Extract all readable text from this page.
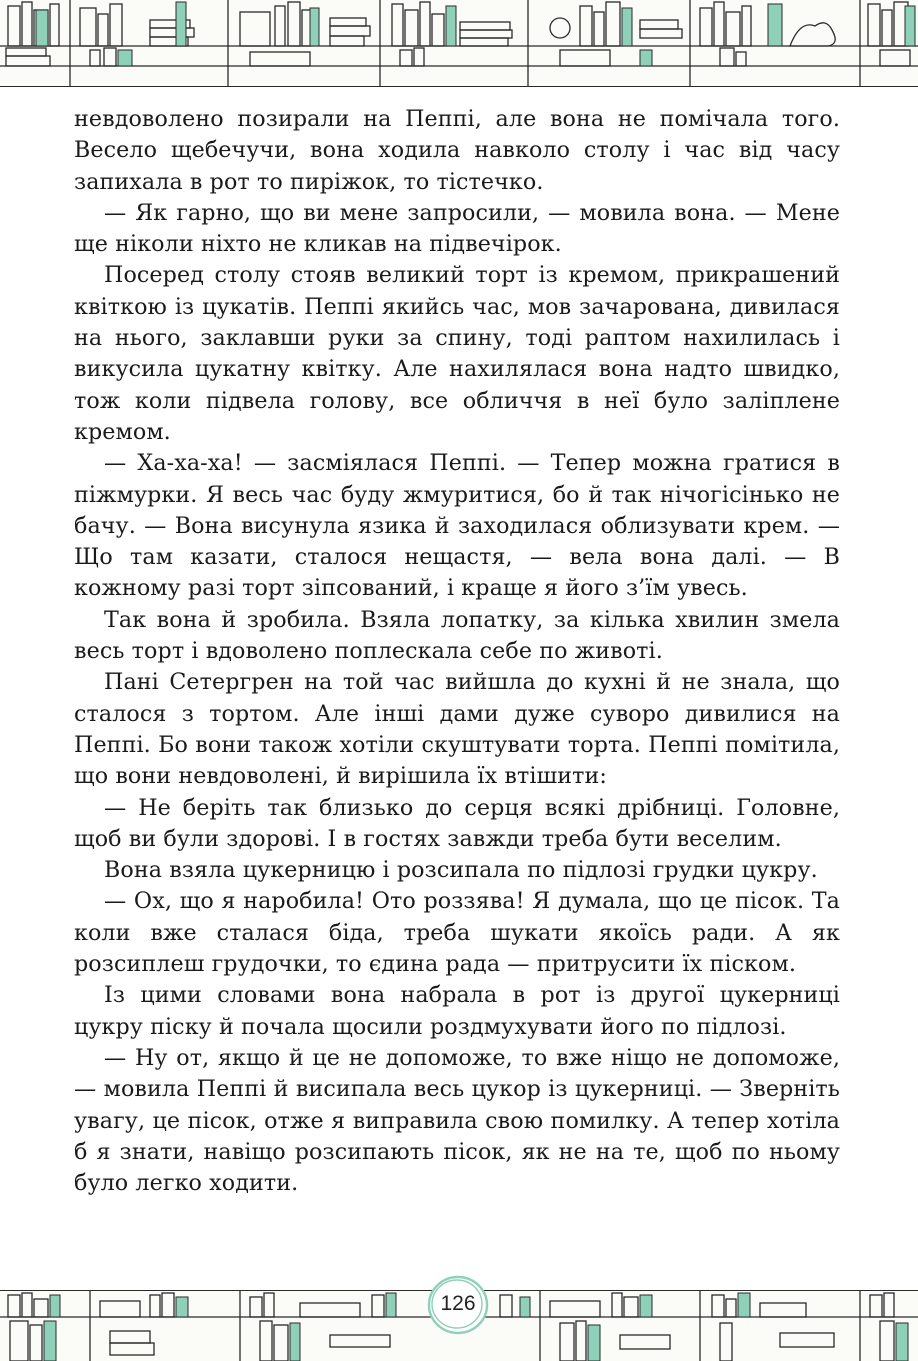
невдоволено позирали на Пеппі, але вона не помічала того. Весело щебечучи, вона ходила навколо столу і час від часу запихала в рот то пиріжок, то тістечко.

— Як гарно, що ви мене запросили, — мовила вона. — Мене ще ніколи ніхто не кликав на підвечірок.

Посеред столу стояв великий торт із кремом, прикрашений квіткою із цукатів. Пеппі якийсь час, мов зачарована, дивилася на нього, заклавши руки за спину, тоді раптом нахилилась і викусила цукатну квітку. Але нахилялася вона надто швидко, тож коли підвела голову, все обличчя в неї було заліплене кремом.

— Ха-ха-ха! — засміялася Пеппі. — Тепер можна гратися в піжмурки. Я весь час буду жмуритися, бо й так нічогісінько не бачу. — Вона висунула язика й заходилася облизувати крем. — Що там казати, сталося нещастя, — вела вона далі. — В кожному разі торт зіпсований, і краще я його з’їм увесь.

Так вона й зробила. Взяла лопатку, за кілька хвилин змела весь торт і вдоволено поплескала себе по животі.

Пані Сетергрен на той час вийшла до кухні й не знала, що сталося з тортом. Але інші дами дуже суворо дивилися на Пеппі. Бо вони також хотіли скуштувати торта. Пеппі помітила, що вони невдоволені, й вирішила їх втішити:

— Не беріть так близько до серця всякі дрібниці. Головне, щоб ви були здорові. І в гостях завжди треба бути веселим.

Вона взяла цукерницю і розсипала по підлозі грудки цукру.

— Ох, що я наробила! Ото роззява! Я думала, що це пісок. Та коли вже сталася біда, треба шукати якоїсь ради. А як розсиплеш грудочки, то єдина рада — притрусити їх піском.

Із цими словами вона набрала в рот із другої цукерниці цукру піску й почала щосили роздмухувати його по підлозі.

— Ну от, якщо й це не допоможе, то вже ніщо не допоможе, — мовила Пеппі й висипала весь цукор із цукерниці. — Зверніть увагу, це пісок, отже я виправила свою помилку. А тепер хотіла б я знати, навіщо розсипають пісок, як не на те, щоб по ньому було легко ходити.

126
